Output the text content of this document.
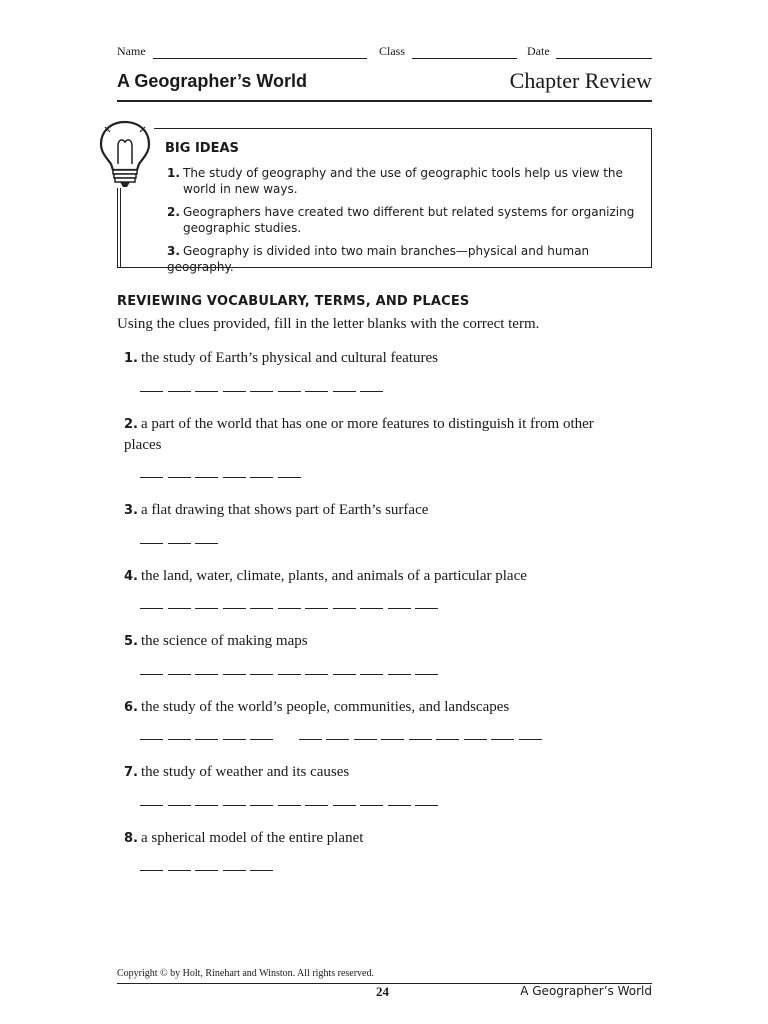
Name	Class	Date
A Geographer’s World	Chapter Review
BIG IDEAS
1. The study of geography and the use of geographic tools help us view the
world in new ways.
2. Geographers have created two different but related systems for organizing
geographic studies.
3. Geography is divided into two main branches—physical and human geography.
REVIEWING VOCABULARY, TERMS, AND PLACES
Using the clues provided, fill in the letter blanks with the correct term.
1. the study of Earth’s physical and cultural features
2. a part of the world that has one or more features to distinguish it from other places
3. a flat drawing that shows part of Earth’s surface
4. the land, water, climate, plants, and animals of a particular place
5. the science of making maps
6. the study of the world’s people, communities, and landscapes
7. the study of weather and its causes
8. a spherical model of the entire planet
Copyright © by Holt, Rinehart and Winston. All rights reserved.
24	A Geographer’s World
